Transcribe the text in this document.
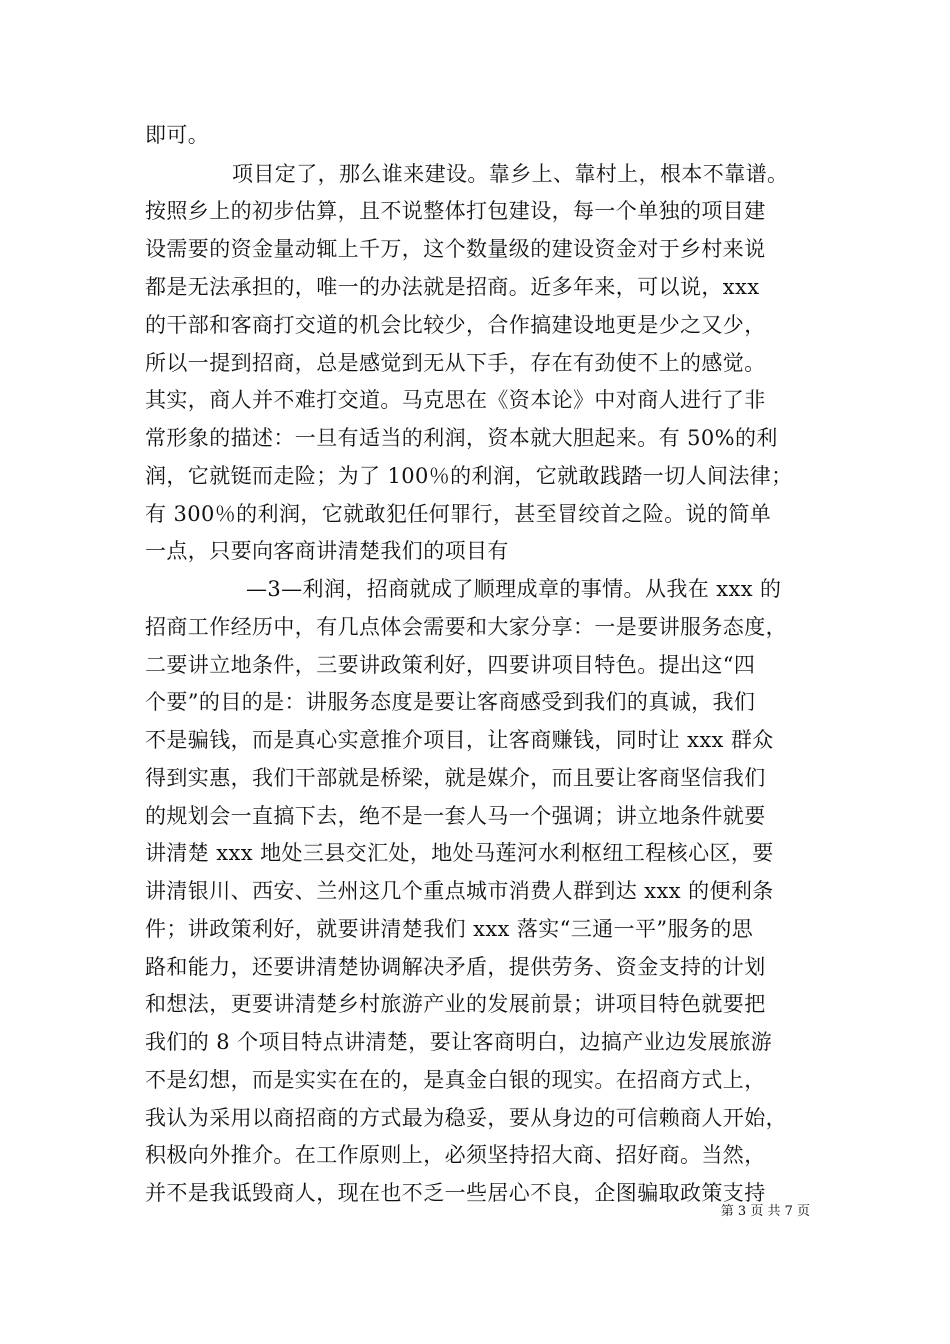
即可。
项目定了，那么谁来建设。靠乡上、靠村上，根本不靠谱。
按照乡上的初步估算，且不说整体打包建设，每一个单独的项目建
设需要的资金量动辄上千万，这个数量级的建设资金对于乡村来说
都是无法承担的，唯一的办法就是招商。近多年来，可以说，xxx
的干部和客商打交道的机会比较少，合作搞建设地更是少之又少，
所以一提到招商，总是感觉到无从下手，存在有劲使不上的感觉。
其实，商人并不难打交道。马克思在《资本论》中对商人进行了非
常形象的描述：一旦有适当的利润，资本就大胆起来。有 50%的利
润，它就铤而走险；为了 100％的利润，它就敢践踏一切人间法律；
有 300％的利润，它就敢犯任何罪行，甚至冒绞首之险。说的简单
一点，只要向客商讲清楚我们的项目有
—3—利润，招商就成了顺理成章的事情。从我在 xxx 的
招商工作经历中，有几点体会需要和大家分享：一是要讲服务态度，
二要讲立地条件，三要讲政策利好，四要讲项目特色。提出这“四
个要”的目的是：讲服务态度是要让客商感受到我们的真诚，我们
不是骗钱，而是真心实意推介项目，让客商赚钱，同时让 xxx 群众
得到实惠，我们干部就是桥梁，就是媒介，而且要让客商坚信我们
的规划会一直搞下去，绝不是一套人马一个强调；讲立地条件就要
讲清楚 xxx 地处三县交汇处，地处马莲河水利枢纽工程核心区，要
讲清银川、西安、兰州这几个重点城市消费人群到达 xxx 的便利条
件；讲政策利好，就要讲清楚我们 xxx 落实“三通一平”服务的思
路和能力，还要讲清楚协调解决矛盾，提供劳务、资金支持的计划
和想法，更要讲清楚乡村旅游产业的发展前景；讲项目特色就要把
我们的 8 个项目特点讲清楚，要让客商明白，边搞产业边发展旅游
不是幻想，而是实实在在的，是真金白银的现实。在招商方式上，
我认为采用以商招商的方式最为稳妥，要从身边的可信赖商人开始，
积极向外推介。在工作原则上，必须坚持招大商、招好商。当然，
并不是我诋毁商人，现在也不乏一些居心不良，企图骗取政策支持
第 3 页 共 7 页
